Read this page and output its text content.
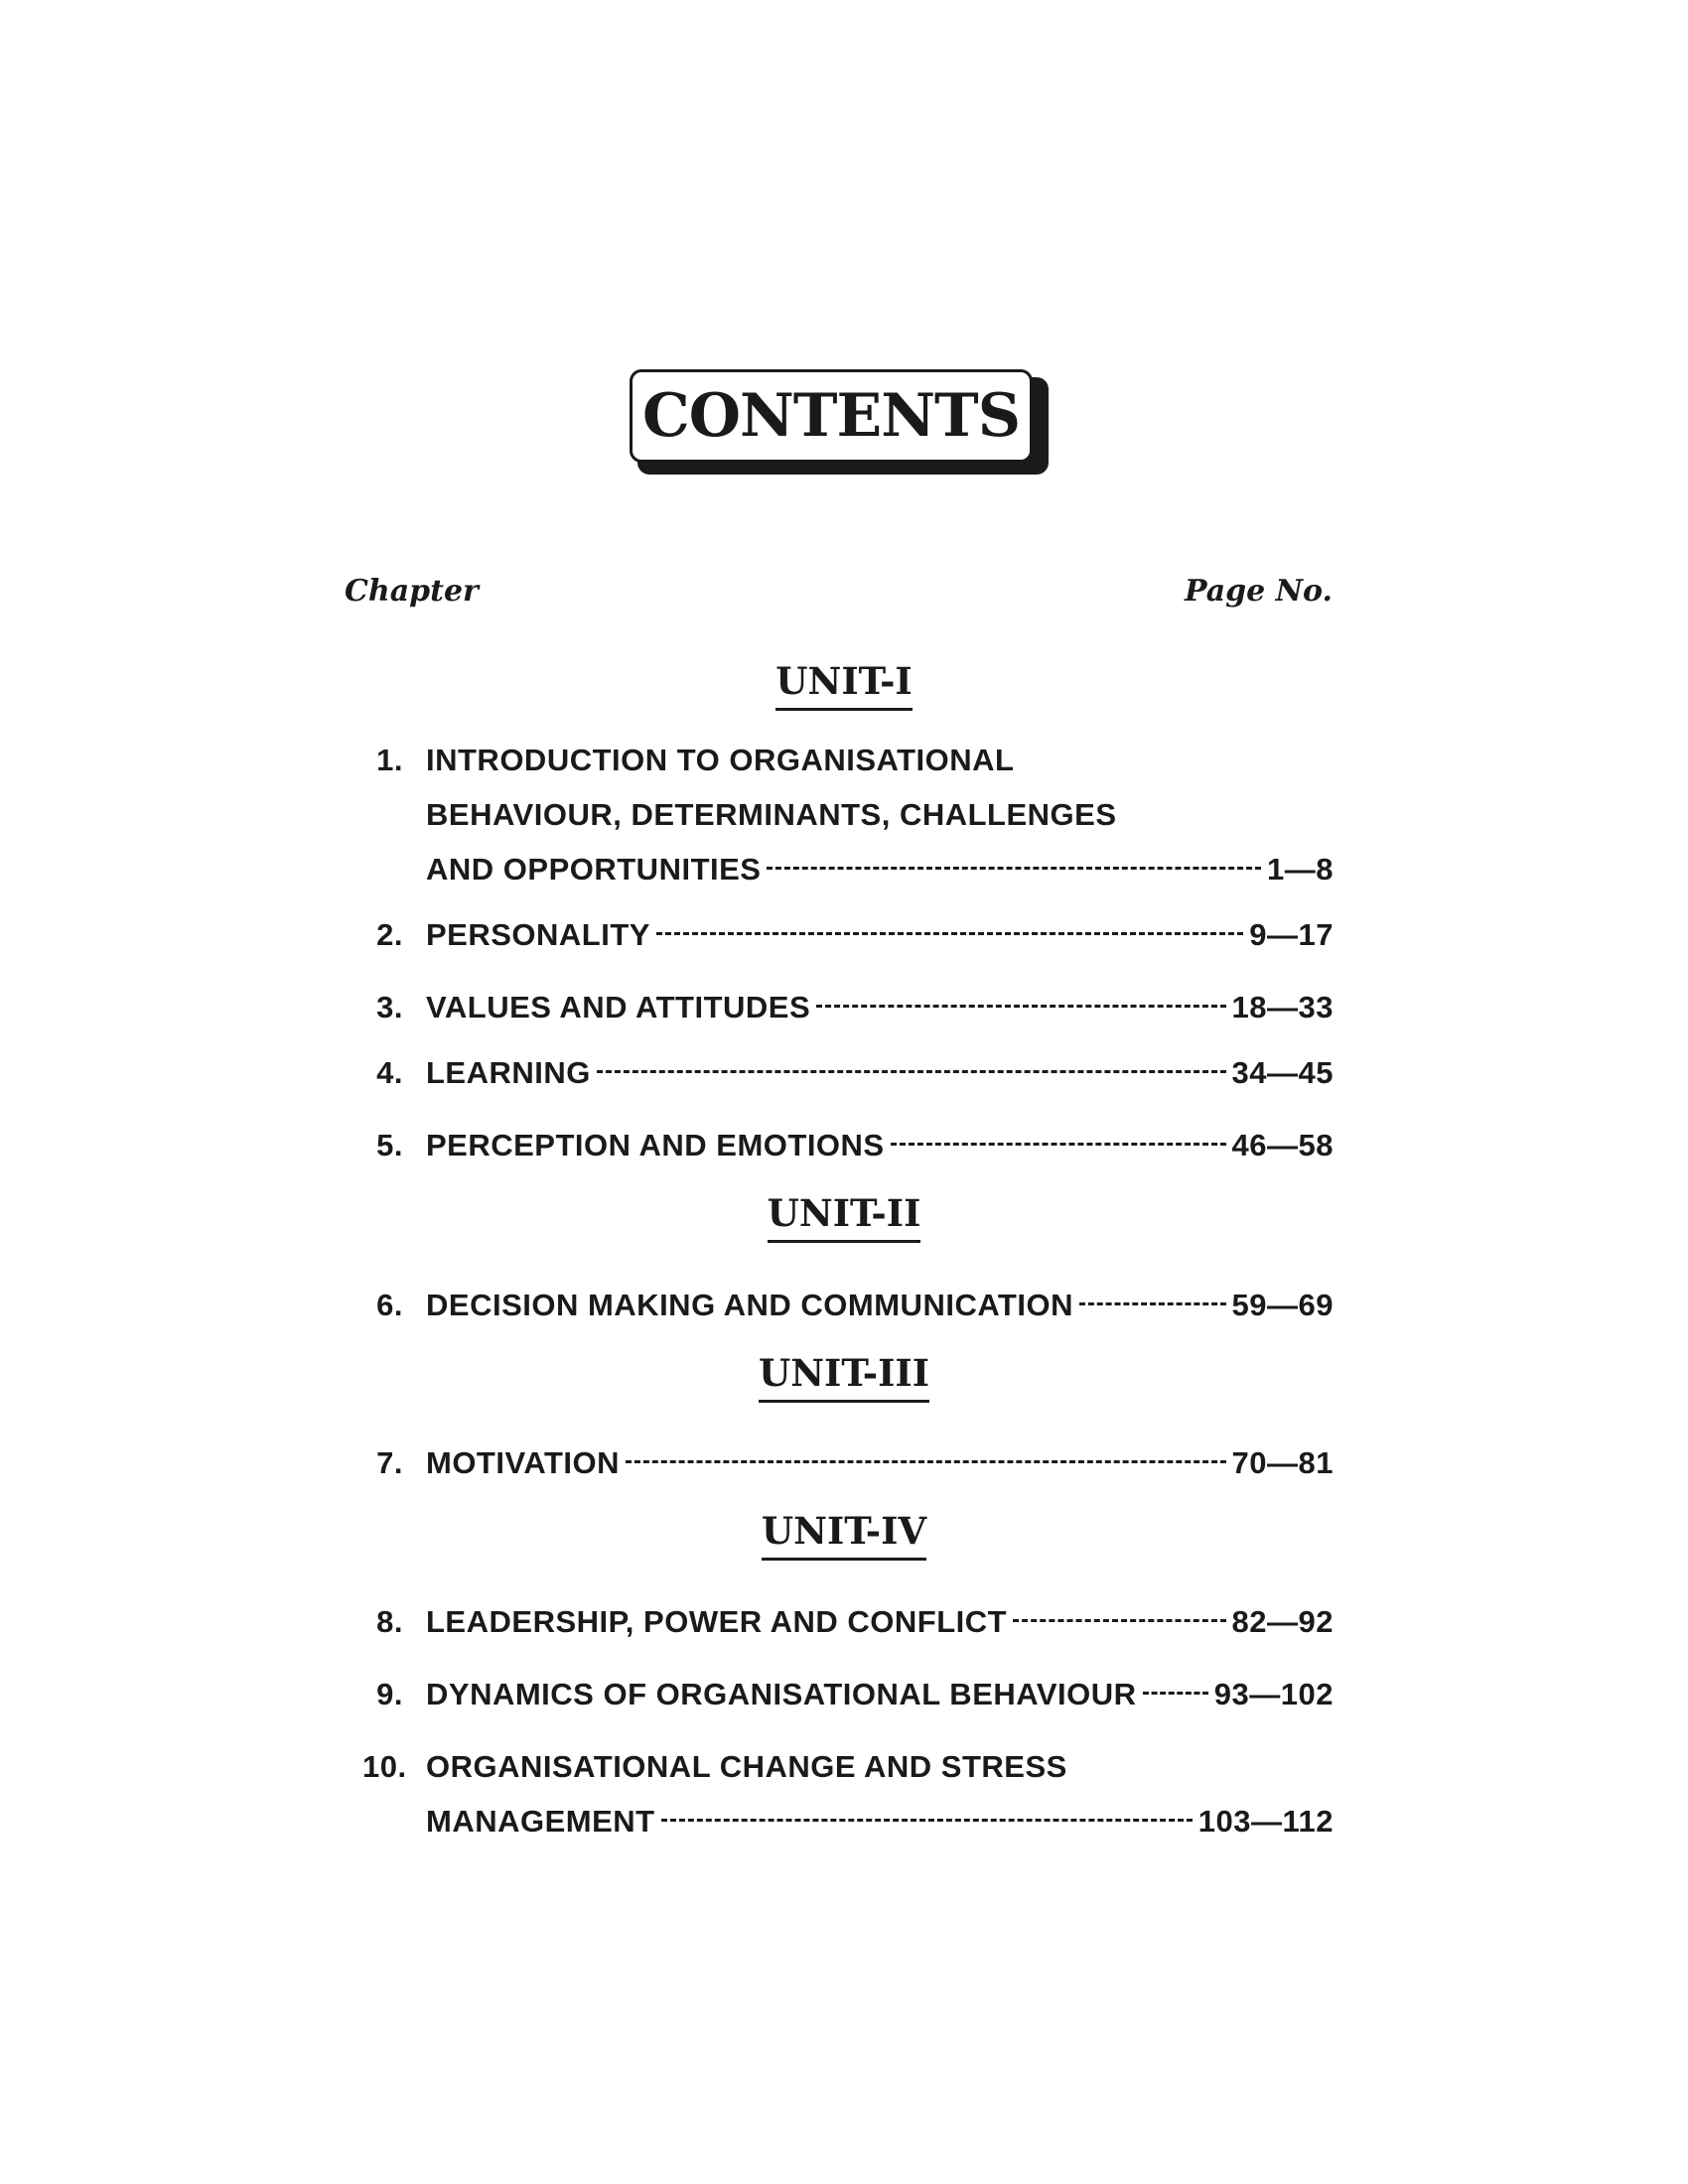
CONTENTS
Chapter	Page No.
UNIT-I
1. INTRODUCTION TO ORGANISATIONAL
BEHAVIOUR, DETERMINANTS, CHALLENGES
AND OPPORTUNITIES	1—8
2. PERSONALITY	9—17
3. VALUES AND ATTITUDES	18—33
4. LEARNING	34—45
5. PERCEPTION AND EMOTIONS	46—58
UNIT-II
6. DECISION MAKING AND COMMUNICATION	59—69
UNIT-III
7. MOTIVATION	70—81
UNIT-IV
8. LEADERSHIP, POWER AND CONFLICT	82—92
9. DYNAMICS OF ORGANISATIONAL BEHAVIOUR	93—102
10. ORGANISATIONAL CHANGE AND STRESS
MANAGEMENT	103—112
